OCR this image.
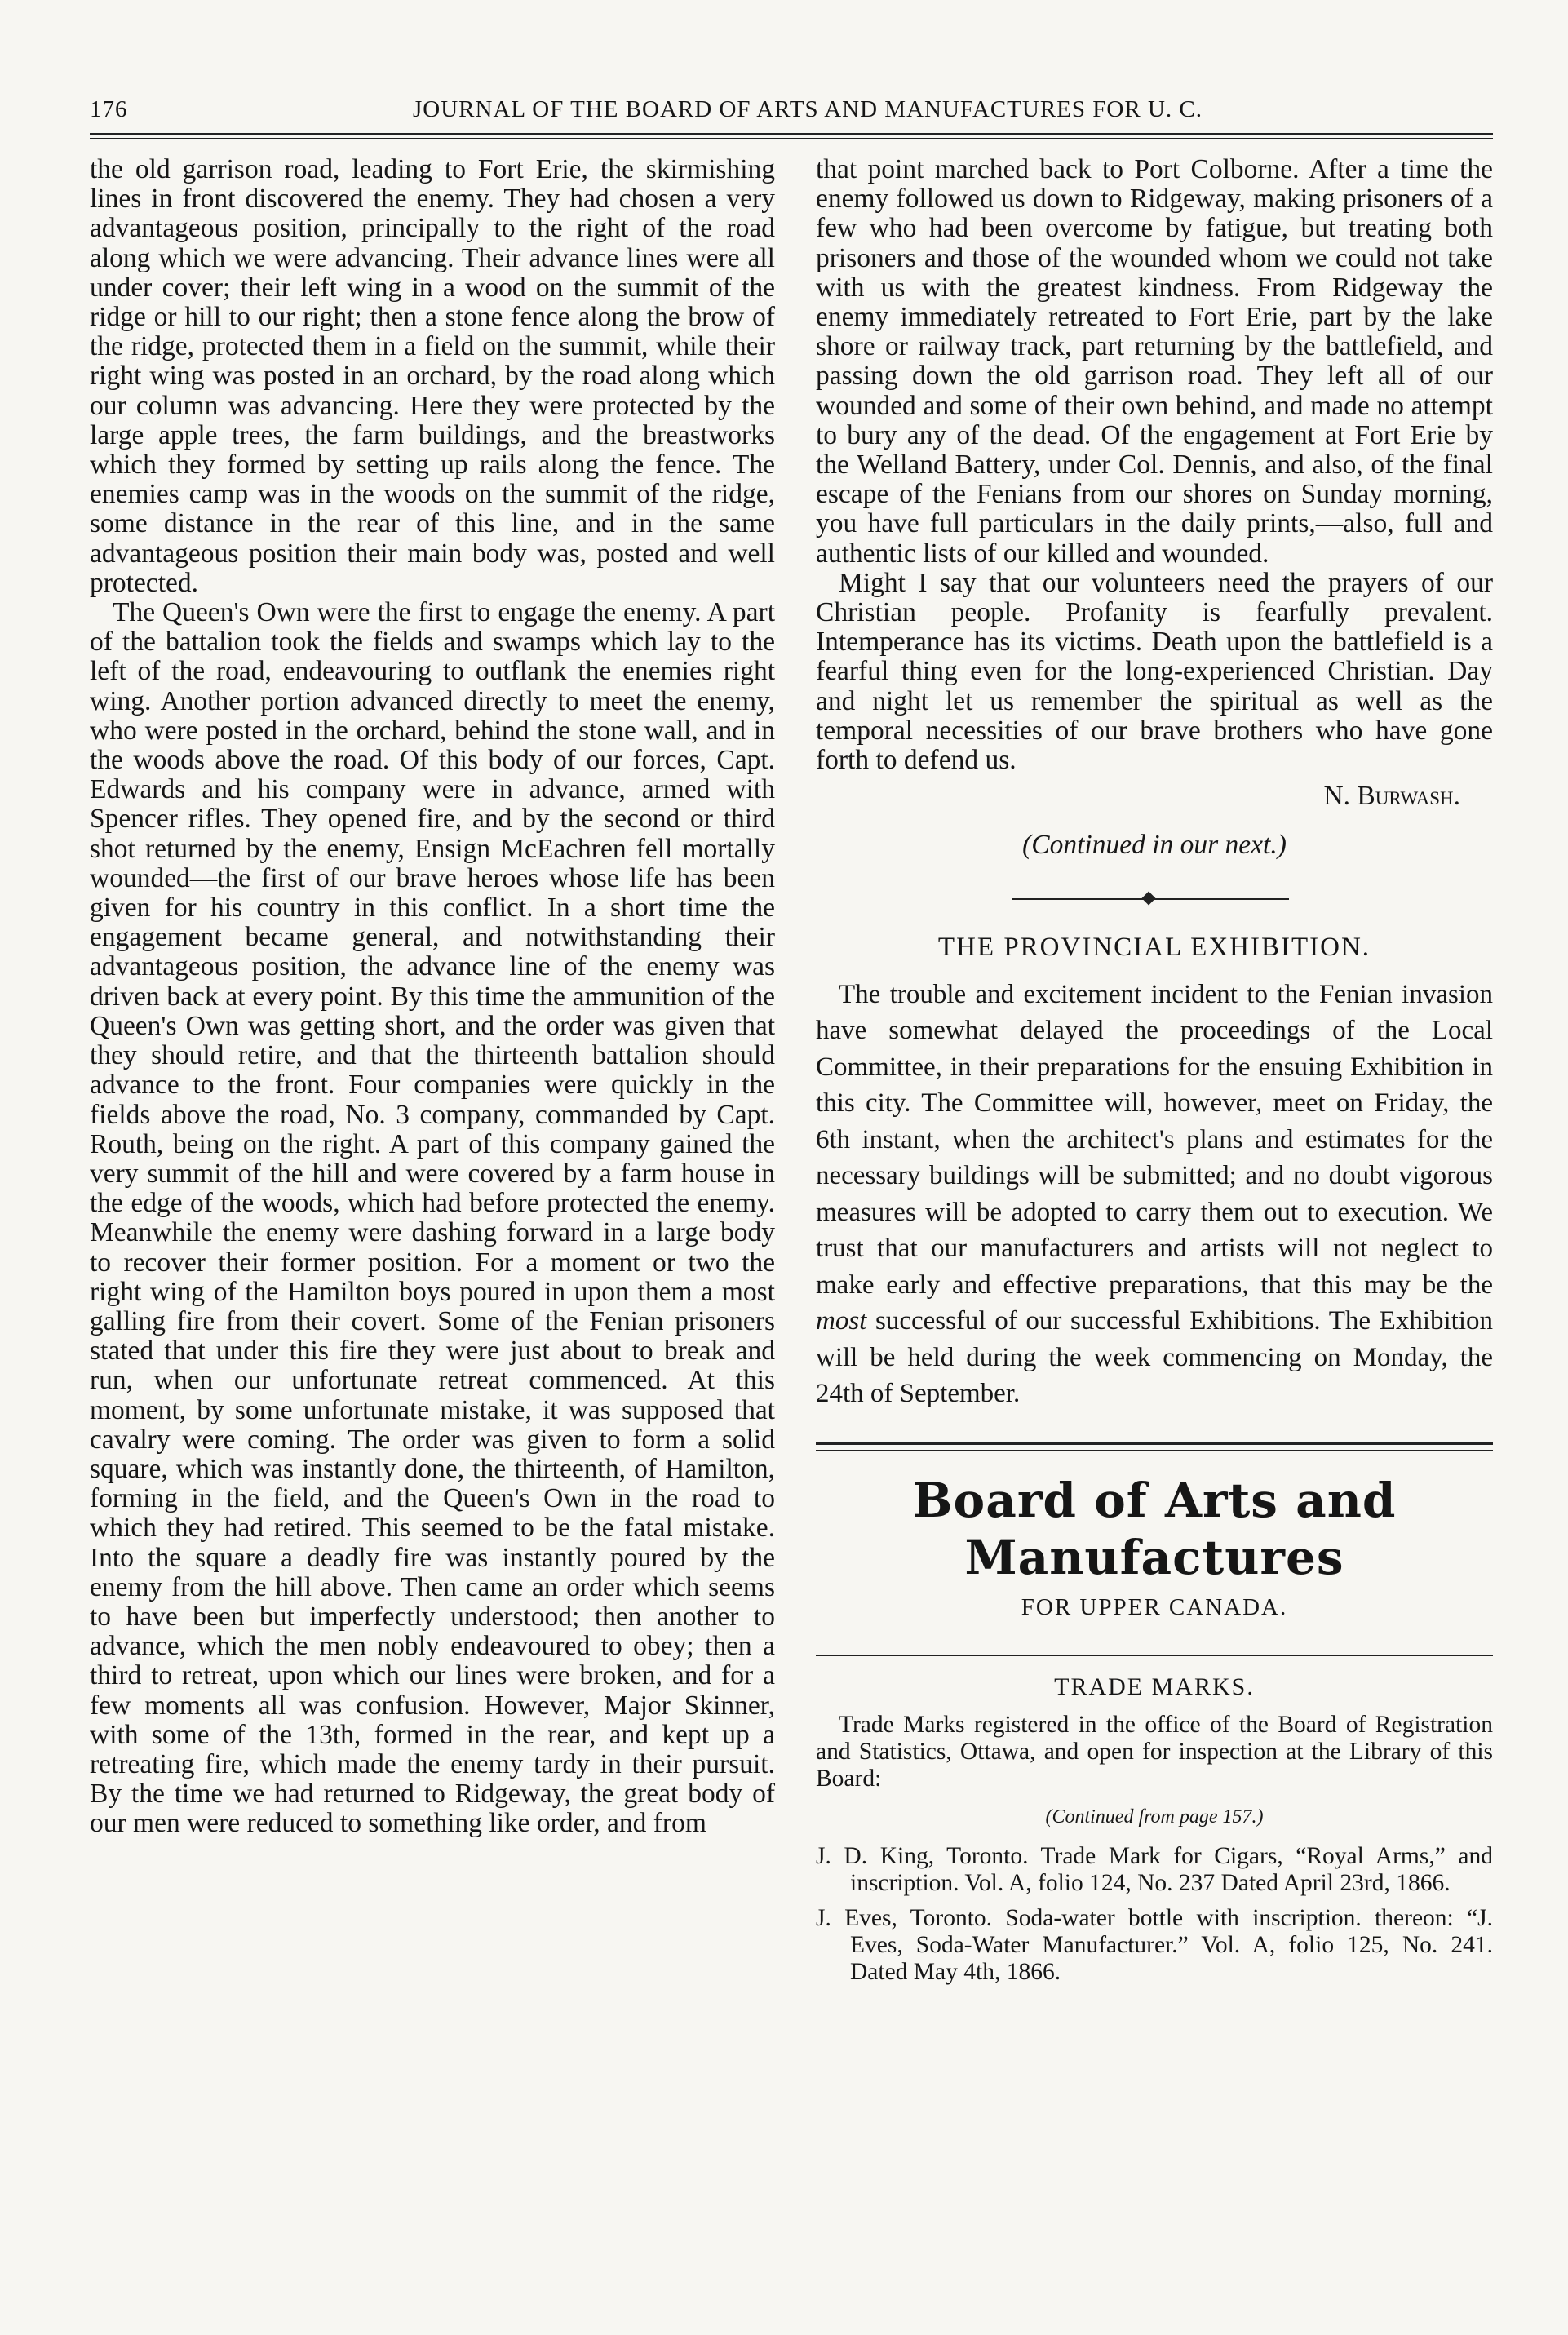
176	JOURNAL OF THE BOARD OF ARTS AND MANUFACTURES FOR U. C.

the old garrison road, leading to Fort Erie, the skirmishing lines in front discovered the enemy. They had chosen a very advantageous position, principally to the right of the road along which we were advancing. Their advance lines were all under cover; their left wing in a wood on the summit of the ridge or hill to our right; then a stone fence along the brow of the ridge, protected them in a field on the summit, while their right wing was posted in an orchard, by the road along which our column was advancing. Here they were protected by the large apple trees, the farm buildings, and the breastworks which they formed by setting up rails along the fence. The enemies camp was in the woods on the summit of the ridge, some distance in the rear of this line, and in the same advantageous position their main body was, posted and well protected.

The Queen's Own were the first to engage the enemy. A part of the battalion took the fields and swamps which lay to the left of the road, endeavouring to outflank the enemies right wing. Another portion advanced directly to meet the enemy, who were posted in the orchard, behind the stone wall, and in the woods above the road. Of this body of our forces, Capt. Edwards and his company were in advance, armed with Spencer rifles. They opened fire, and by the second or third shot returned by the enemy, Ensign McEachren fell mortally wounded—the first of our brave heroes whose life has been given for his country in this conflict. In a short time the engagement became general, and notwithstanding their advantageous position, the advance line of the enemy was driven back at every point. By this time the ammunition of the Queen's Own was getting short, and the order was given that they should retire, and that the thirteenth battalion should advance to the front. Four companies were quickly in the fields above the road, No. 3 company, commanded by Capt. Routh, being on the right. A part of this company gained the very summit of the hill and were covered by a farm house in the edge of the woods, which had before protected the enemy. Meanwhile the enemy were dashing forward in a large body to recover their former position. For a moment or two the right wing of the Hamilton boys poured in upon them a most galling fire from their covert. Some of the Fenian prisoners stated that under this fire they were just about to break and run, when our unfortunate retreat commenced. At this moment, by some unfortunate mistake, it was supposed that cavalry were coming. The order was given to form a solid square, which was instantly done, the thirteenth, of Hamilton, forming in the field, and the Queen's Own in the road to which they had retired. This seemed to be the fatal mistake. Into the square a deadly fire was instantly poured by the enemy from the hill above. Then came an order which seems to have been but imperfectly understood; then another to advance, which the men nobly endeavoured to obey; then a third to retreat, upon which our lines were broken, and for a few moments all was confusion. However, Major Skinner, with some of the 13th, formed in the rear, and kept up a retreating fire, which made the enemy tardy in their pursuit. By the time we had returned to Ridgeway, the great body of our men were reduced to something like order, and from

that point marched back to Port Colborne. After a time the enemy followed us down to Ridgeway, making prisoners of a few who had been overcome by fatigue, but treating both prisoners and those of the wounded whom we could not take with us with the greatest kindness. From Ridgeway the enemy immediately retreated to Fort Erie, part by the lake shore or railway track, part returning by the battlefield, and passing down the old garrison road. They left all of our wounded and some of their own behind, and made no attempt to bury any of the dead. Of the engagement at Fort Erie by the Welland Battery, under Col. Dennis, and also, of the final escape of the Fenians from our shores on Sunday morning, you have full particulars in the daily prints,—also, full and authentic lists of our killed and wounded.

Might I say that our volunteers need the prayers of our Christian people. Profanity is fearfully prevalent. Intemperance has its victims. Death upon the battlefield is a fearful thing even for the long-experienced Christian. Day and night let us remember the spiritual as well as the temporal necessities of our brave brothers who have gone forth to defend us.

N. Burwash.

(Continued in our next.)

THE PROVINCIAL EXHIBITION.

The trouble and excitement incident to the Fenian invasion have somewhat delayed the proceedings of the Local Committee, in their preparations for the ensuing Exhibition in this city. The Committee will, however, meet on Friday, the 6th instant, when the architect's plans and estimates for the necessary buildings will be submitted; and no doubt vigorous measures will be adopted to carry them out to execution. We trust that our manufacturers and artists will not neglect to make early and effective preparations, that this may be the most successful of our successful Exhibitions. The Exhibition will be held during the week commencing on Monday, the 24th of September.

Board of Arts and Manufactures
FOR UPPER CANADA.
TRADE MARKS.

Trade Marks registered in the office of the Board of Registration and Statistics, Ottawa, and open for inspection at the Library of this Board:

(Continued from page 157.)

J. D. King, Toronto. Trade Mark for Cigars, “Royal Arms,” and inscription. Vol. A, folio 124, No. 237 Dated April 23rd, 1866.

J. Eves, Toronto. Soda-water bottle with inscription. thereon: “J. Eves, Soda-Water Manufacturer.” Vol. A, folio 125, No. 241. Dated May 4th, 1866.
